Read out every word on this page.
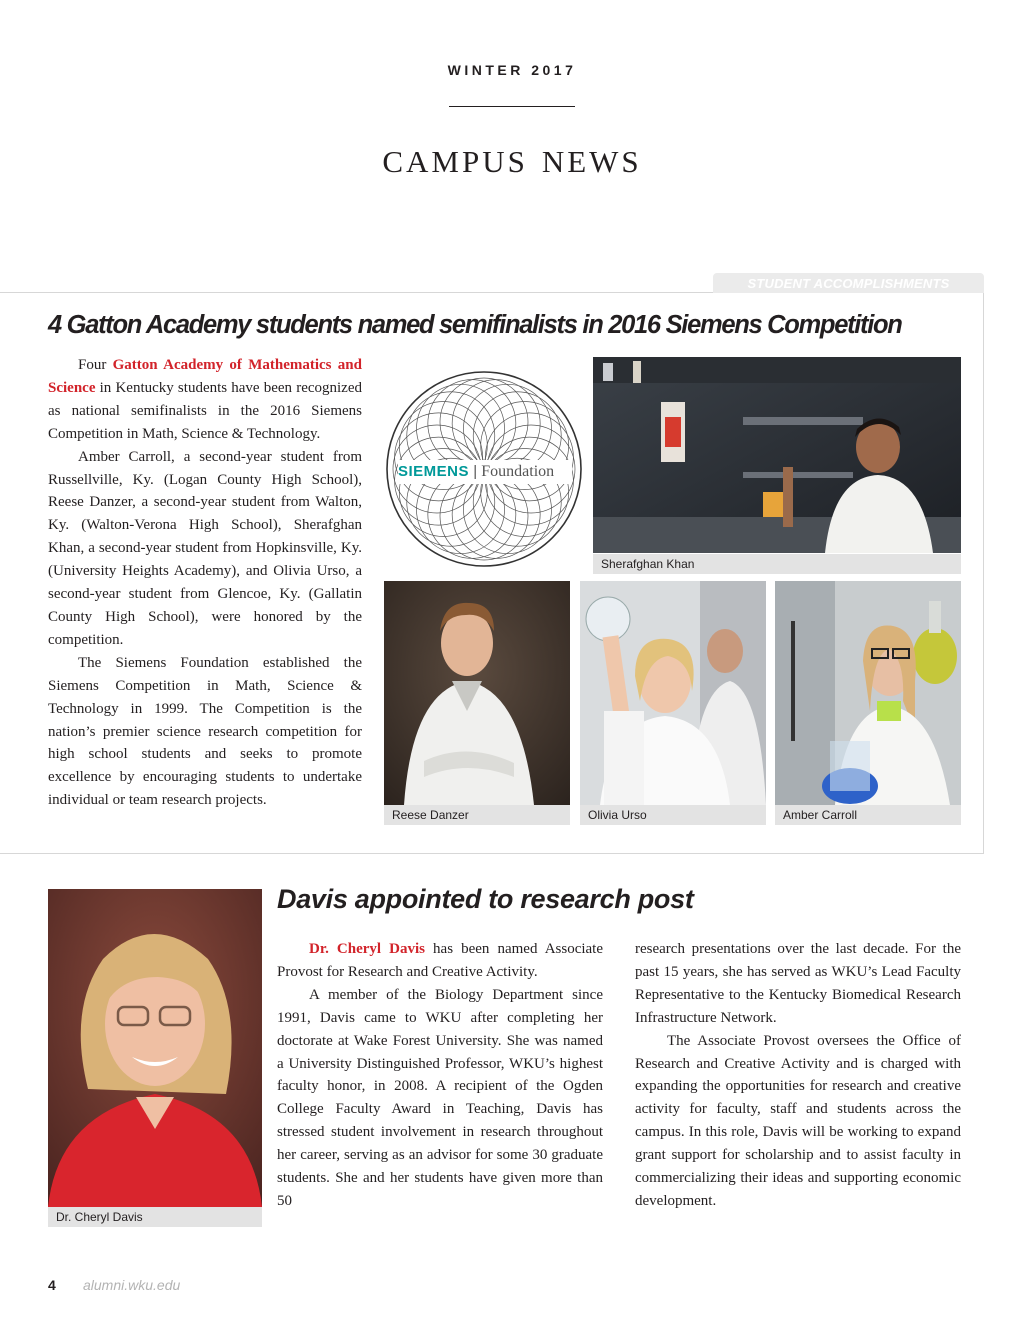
WINTER 2017
campus news
STUDENT ACCOMPLISHMENTS
4 Gatton Academy students named semifinalists in 2016 Siemens Competition

Four Gatton Academy of Mathematics and Science in Kentucky students have been recognized as national semifinalists in the 2016 Siemens Competition in Math, Science & Technology.

Amber Carroll, a second-year student from Russellville, Ky. (Logan County High School), Reese Danzer, a second-year student from Walton, Ky. (Walton-Verona High School), Sherafghan Khan, a second-year student from Hopkinsville, Ky. (University Heights Academy), and Olivia Urso, a second-year student from Glencoe, Ky. (Gallatin County High School), were honored by the competition.

The Siemens Foundation established the Siemens Competition in Math, Science & Technology in 1999. The Competition is the nation’s premier science research competition for high school students and seeks to promote excellence by encouraging students to undertake individual or team research projects.

SIEMENS | Foundation
Sherafghan Khan
Reese Danzer	Olivia Urso	Amber Carroll
Dr. Cheryl Davis
Davis appointed to research post

Dr. Cheryl Davis has been named Associate Provost for Research and Creative Activity.

A member of the Biology Department since 1991, Davis came to WKU after completing her doctorate at Wake Forest University. She was named a University Distinguished Professor, WKU’s highest faculty honor, in 2008. A recipient of the Ogden College Faculty Award in Teaching, Davis has stressed student involvement in research throughout her career, serving as an advisor for some 30 graduate students. She and her students have given more than 50

research presentations over the last decade. For the past 15 years, she has served as WKU’s Lead Faculty Representative to the Kentucky Biomedical Research Infrastructure Network.

The Associate Provost oversees the Office of Research and Creative Activity and is charged with expanding the opportunities for research and creative activity for faculty, staff and students across the campus. In this role, Davis will be working to expand grant support for scholarship and to assist faculty in commercializing their ideas and supporting economic development.

4 alumni.wku.edu
